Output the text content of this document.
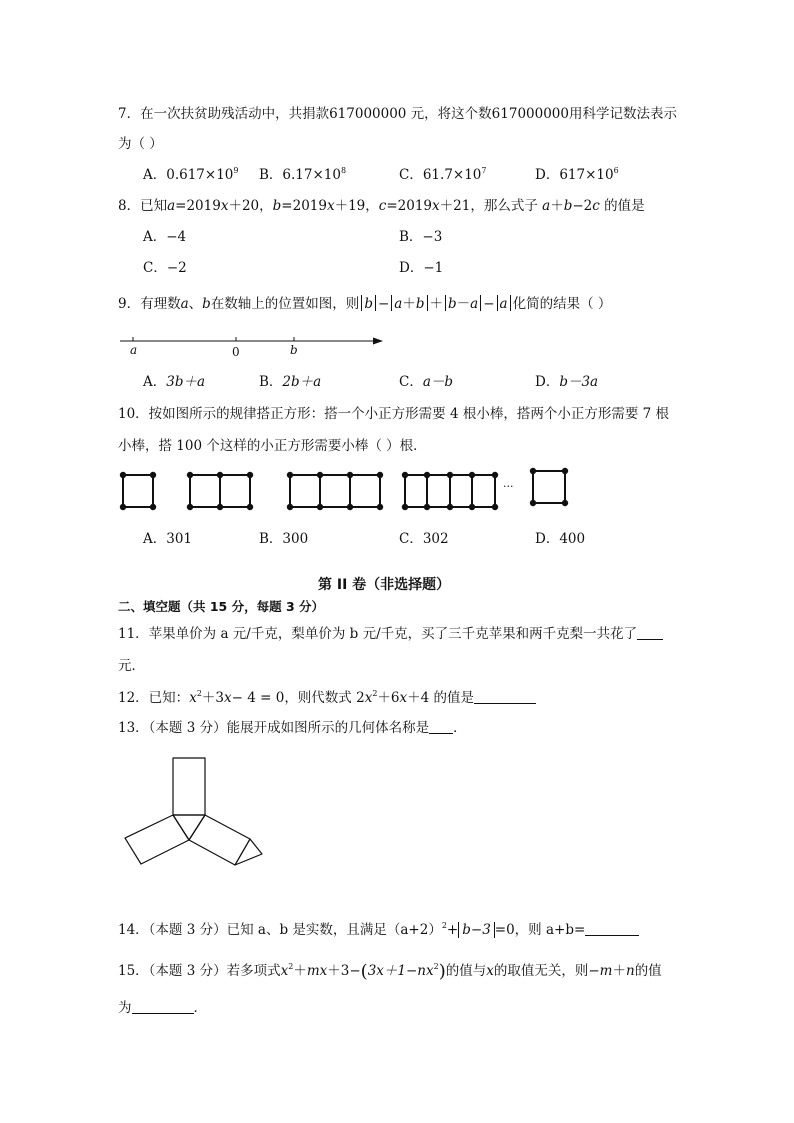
7．在一次扶贫助残活动中，共捐款617000000 元，将这个数617000000用科学记数法表示
为（ ）
A．$0.617\times 10^9$ B．$6.17\times 10^8$	C．$61.7\times 10^7$	D．$617\times 10^6$
8．已知a=2019x＋20，b=2019x＋19，c=2019x＋21，那么式子 a＋b−2c 的值是
A．−4	B．−3
C．−2	D．−1
9．有理数a、b在数轴上的位置如图，则 b − a＋b ＋ b－a − a 化简的结果（ ）
a	0	b
A．3b＋a	B．2b＋a	C．a－b	D．b－3a
10．按如图所示的规律搭正方形：搭一个小正方形需要 4 根小棒，搭两个小正方形需要 7 根
小棒，搭 100 个这样的小正方形需要小棒（ ）根．
···
A．301	B．300	C．302	D．400
第 II 卷（非选择题）
二、填空题（共 15 分，每题 3 分）
11．苹果单价为 a 元/千克，梨单价为 b 元/千克，买了三千克苹果和两千克梨一共花了
元．
12．已知：$x^2+3x- 4 = 0$，则代数式 $2x^2+6x+4$ 的值是
13．（本题 3 分）能展开成如图所示的几何体名称是 ．
14．（本题 3 分）已知 a、b 是实数，且满足$(a+2)^2+ b-3 =0$，则 a+b=
15．（本题 3 分）若多项式$x^2+mx+3-(3x+1-nx^2)$的值与x的取值无关，则−m＋n的值
为	．
